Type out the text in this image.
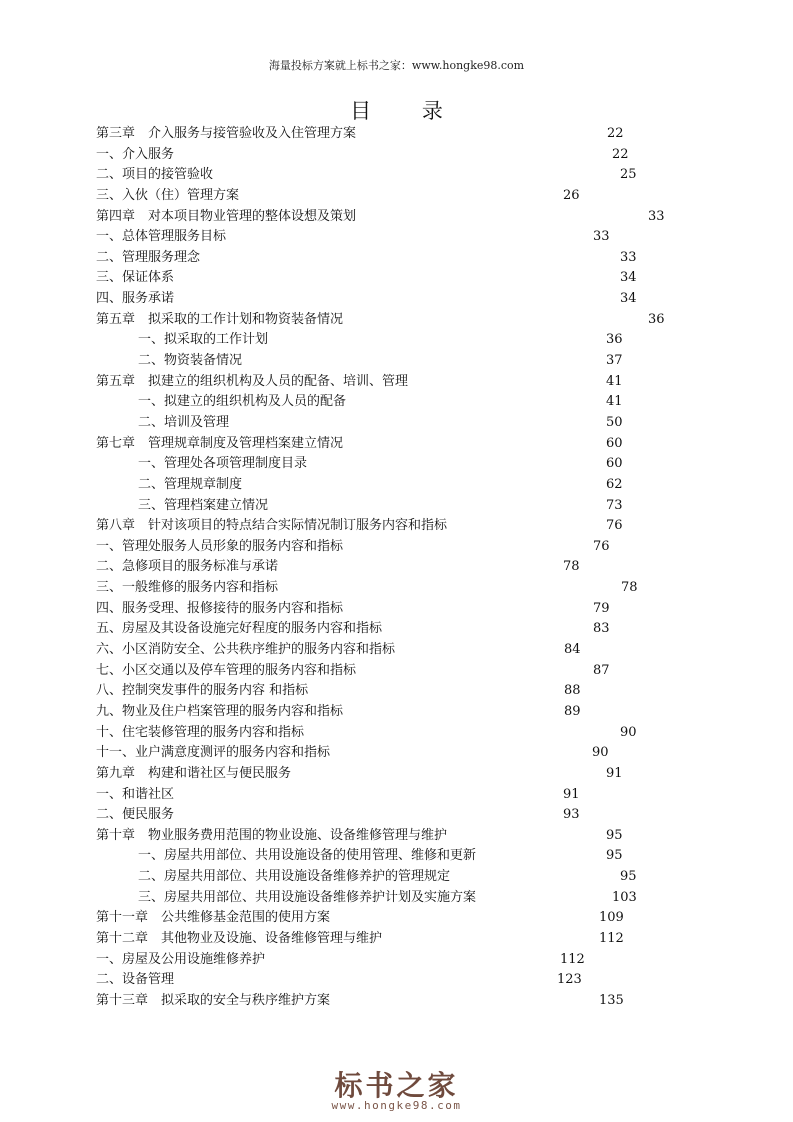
海量投标方案就上标书之家：www.hongke98.com
目 录
第三章　介入服务与接管验收及入住管理方案	22
一、介入服务	22
二、项目的接管验收	25
三、入伙（住）管理方案	26
第四章　对本项目物业管理的整体设想及策划	33
一、总体管理服务目标	33
二、管理服务理念	33
三、保证体系	34
四、服务承诺	34
第五章　拟采取的工作计划和物资装备情况	36
一、拟采取的工作计划	36
二、物资装备情况	37
第五章　拟建立的组织机构及人员的配备、培训、管理	41
一、拟建立的组织机构及人员的配备	41
二、培训及管理	50
第七章　管理规章制度及管理档案建立情况	60
一、管理处各项管理制度目录	60
二、管理规章制度	62
三、管理档案建立情况	73
第八章　针对该项目的特点结合实际情况制订服务内容和指标	76
一、管理处服务人员形象的服务内容和指标	76
二、急修项目的服务标准与承诺	78
三、一般维修的服务内容和指标	78
四、服务受理、报修接待的服务内容和指标	79
五、房屋及其设备设施完好程度的服务内容和指标	83
六、小区消防安全、公共秩序维护的服务内容和指标	84
七、小区交通以及停车管理的服务内容和指标	87
八、控制突发事件的服务内容 和指标	88
九、物业及住户档案管理的服务内容和指标	89
十、住宅装修管理的服务内容和指标	90
十一、业户满意度测评的服务内容和指标	90
第九章　构建和谐社区与便民服务	91
一、和谐社区	91
二、便民服务	93
第十章　物业服务费用范围的物业设施、设备维修管理与维护	95
一、房屋共用部位、共用设施设备的使用管理、维修和更新	95
二、房屋共用部位、共用设施设备维修养护的管理规定	95
三、房屋共用部位、共用设施设备维修养护计划及实施方案	103
第十一章　公共维修基金范围的使用方案	109
第十二章　其他物业及设施、设备维修管理与维护	112
一、房屋及公用设施维修养护	112
二、设备管理	123
第十三章　拟采取的安全与秩序维护方案	135
标书之家
www.hongke98.com
